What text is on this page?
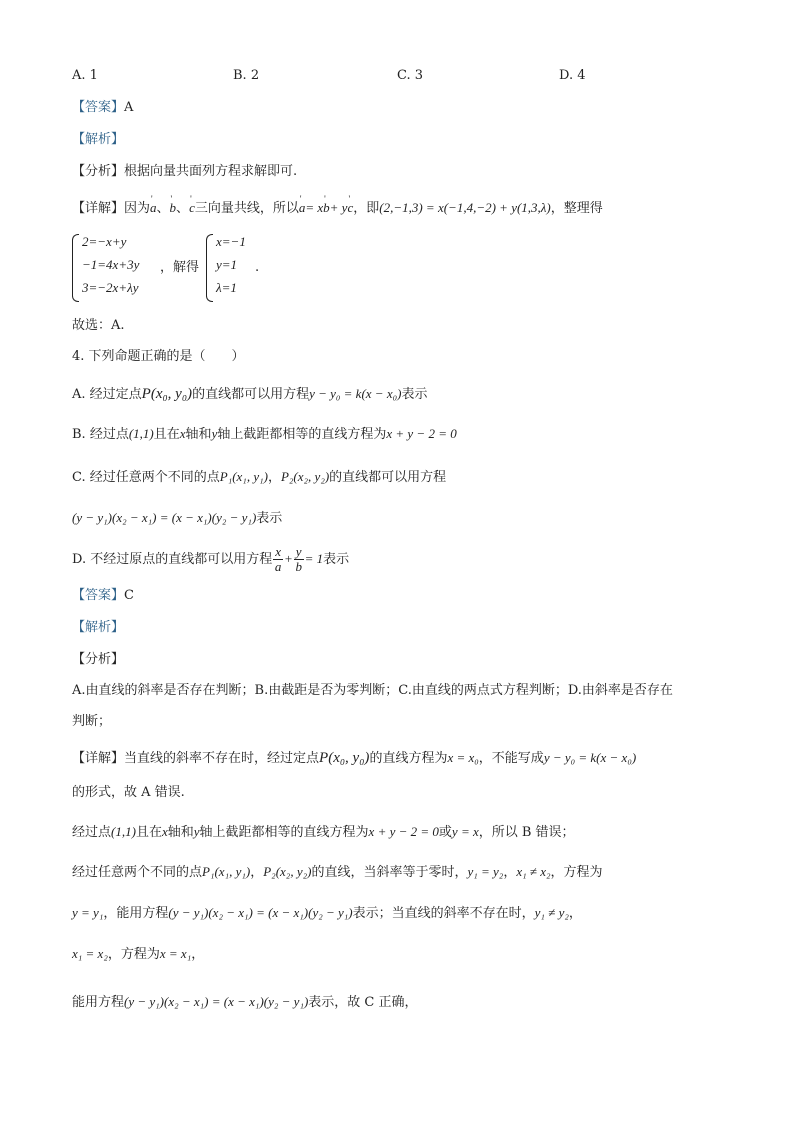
A. 1	B. 2	C. 3	D. 4
【答案】A
【解析】
【分析】根据向量共面列方程求解即可.
【详解】因为' a、' b、' c三向量共线，所以' a= x' b+ y' c，即(2,−1,3) = x(−1,4,−2) + y(1,3,λ)，整理得
2=−x+y
−1=4x+3y
3=−2x+λy
，解得
x=−1
y=1
λ=1
.
故选：A.
4. 下列命题正确的是（　　）
A. 经过定点P(x₀, y₀)的直线都可以用方程y − y₀ = k(x − x₀)表示
B. 经过点(1,1)且在x轴和y轴上截距都相等的直线方程为x + y − 2 = 0
C. 经过任意两个不同的点P₁(x₁, y₁)，P₂(x₂, y₂)的直线都可以用方程
(y − y₁)(x₂ − x₁) = (x − x₁)(y₂ − y₁)表示
D. 不经过原点的直线都可以用方程 $\frac{x}{a} + \frac{y}{b} = 1$表示
【答案】C
【解析】
【分析】
A.由直线的斜率是否存在判断；B.由截距是否为零判断；C.由直线的两点式方程判断；D.由斜率是否存在
判断；
【详解】当直线的斜率不存在时，经过定点P(x₀, y₀)的直线方程为x = x₀，不能写成y − y₀ = k(x − x₀)
的形式，故 A 错误.
经过点(1,1)且在x轴和y轴上截距都相等的直线方程为x + y − 2 = 0或y = x，所以 B 错误；
经过任意两个不同的点P₁(x₁, y₁)，P₂(x₂, y₂)的直线，当斜率等于零时，y₁ = y₂，x₁ ≠ x₂，方程为
y = y₁，能用方程(y − y₁)(x₂ − x₁) = (x − x₁)(y₂ − y₁)表示；当直线的斜率不存在时，y₁ ≠ y₂，
x₁ = x₂，方程为x = x₁，
能用方程(y − y₁)(x₂ − x₁) = (x − x₁)(y₂ − y₁)表示，故 C 正确，
